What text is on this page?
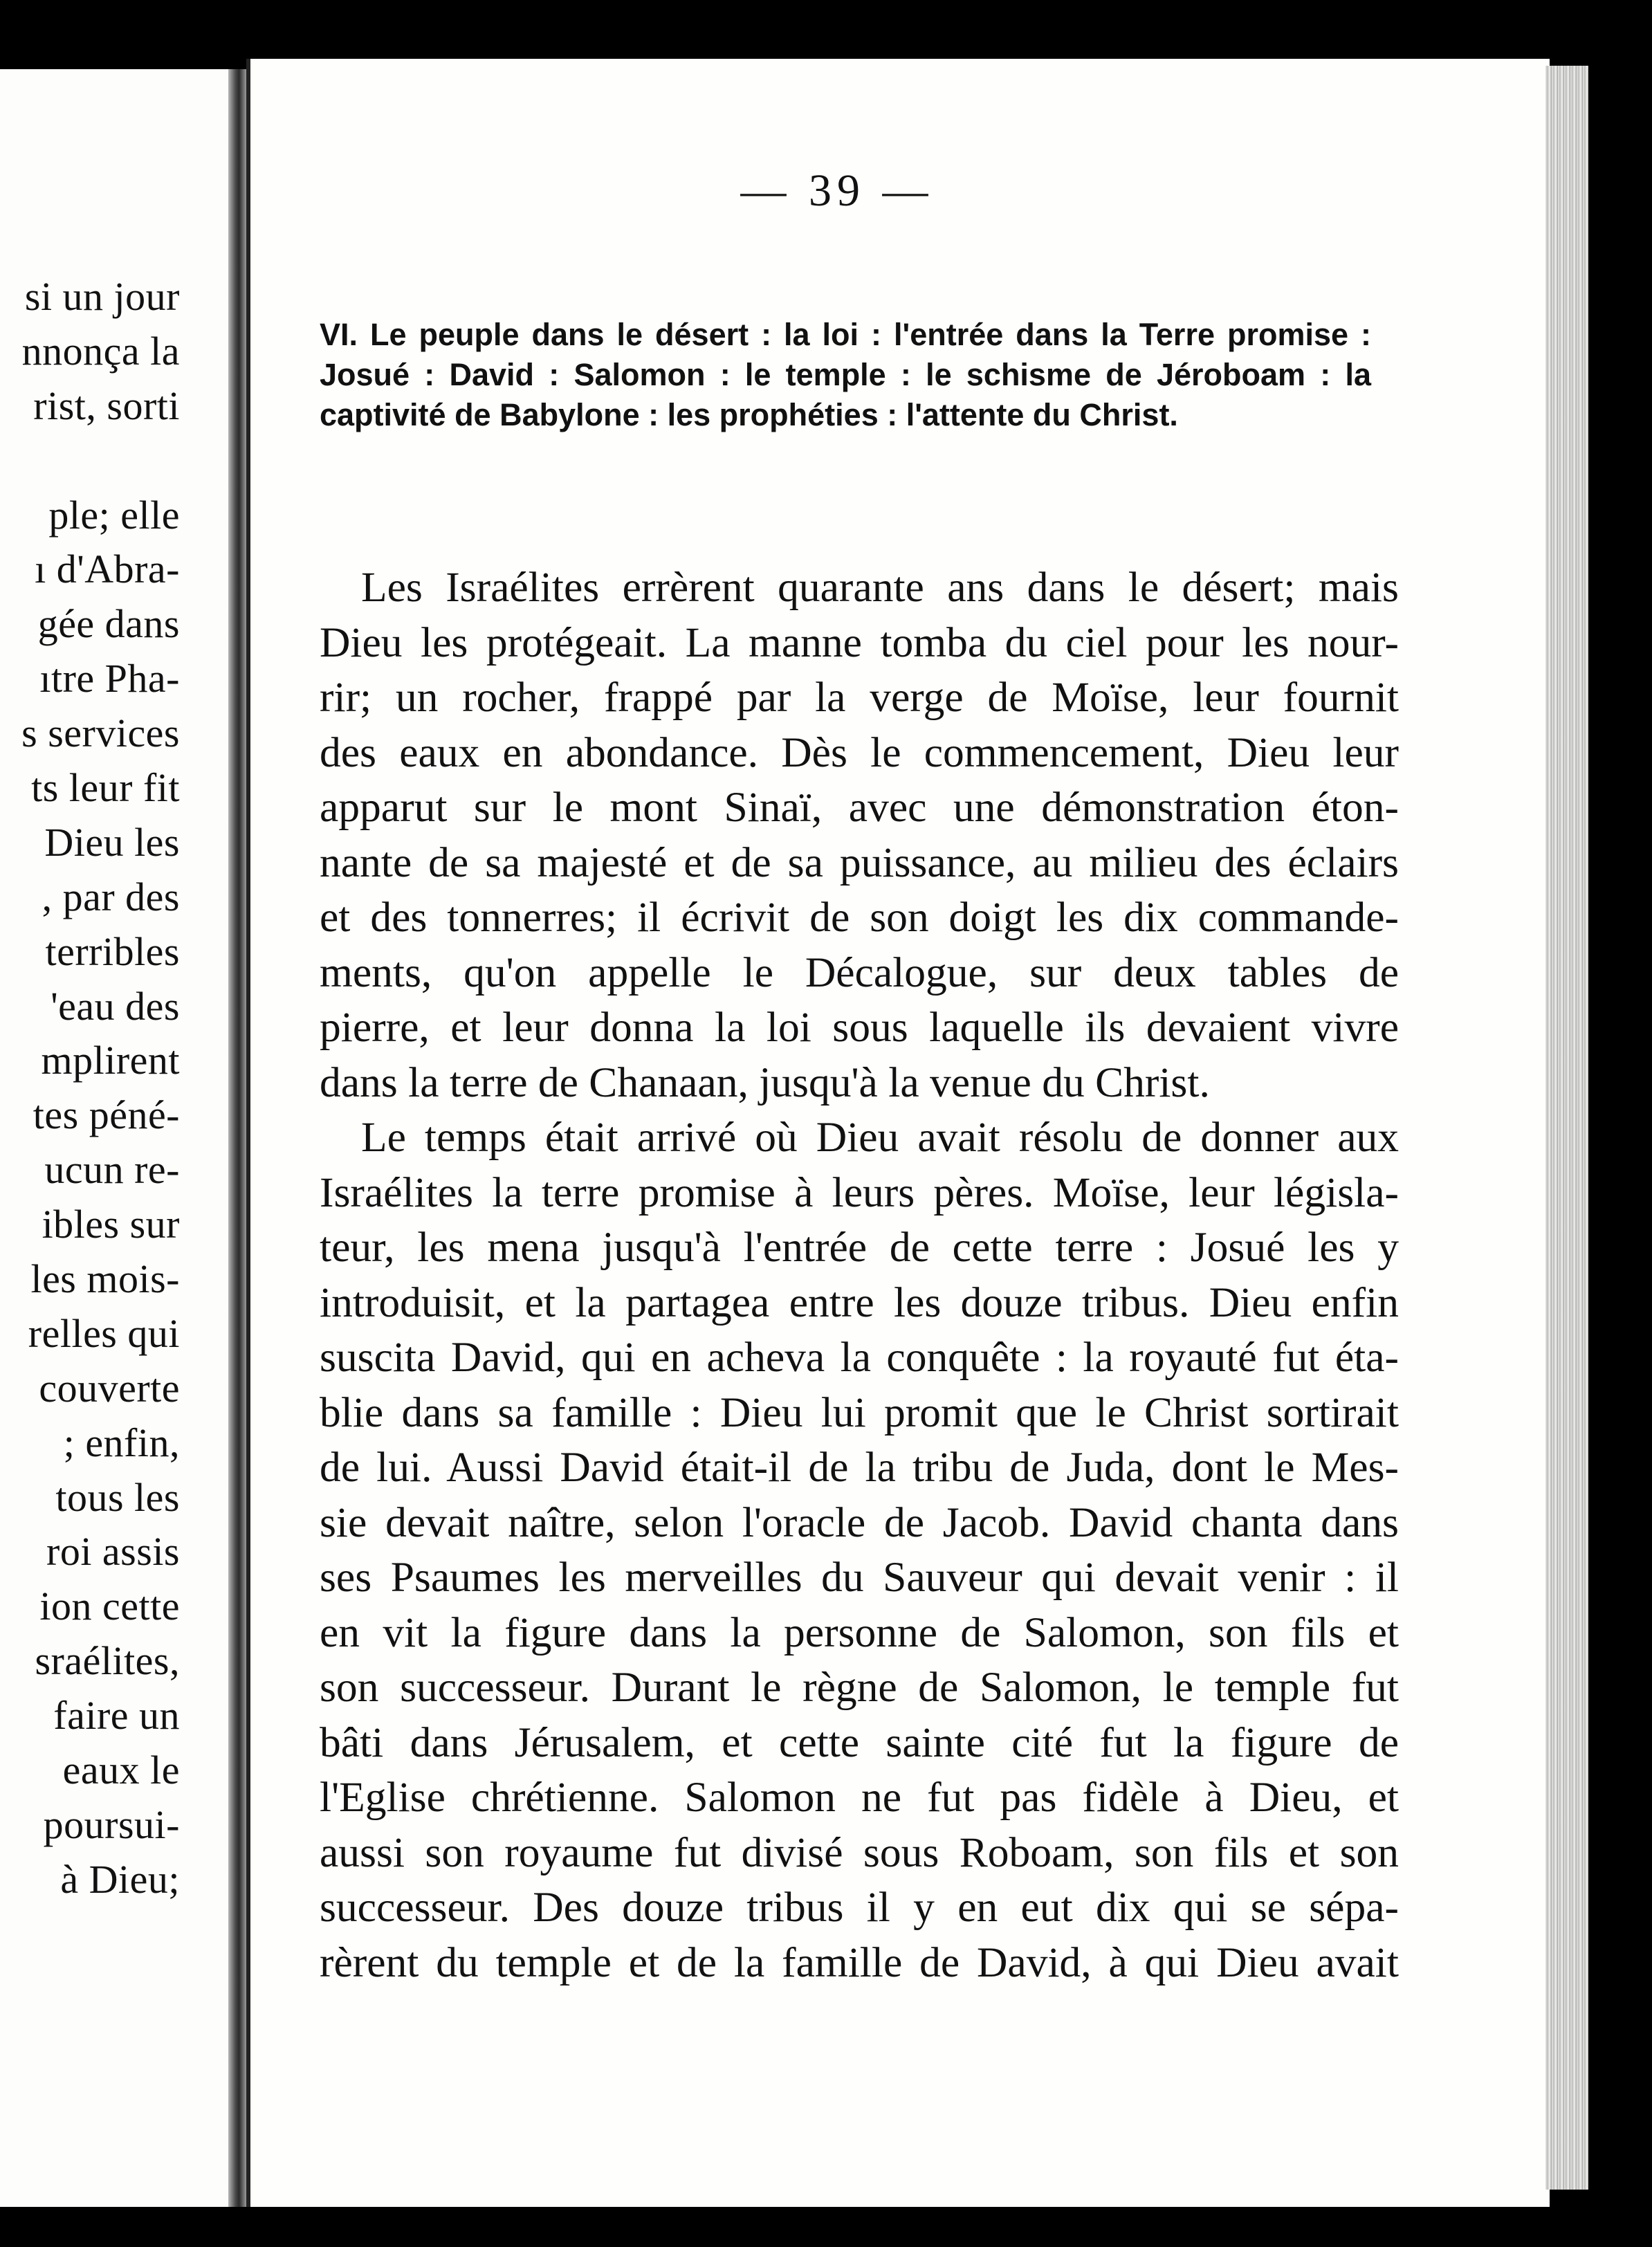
si un jour
nnonça la
rist, sorti
ple; elle
ı d'Abra-
gée dans
ıtre Pha-
s services
ts leur fit
Dieu les
, par des
terribles
'eau des
mplirent
tes péné-
ucun re-
ibles sur
les mois-
relles qui
couverte
; enfin,
tous les
roi assis
ion cette
sraélites,
faire un
eaux le
poursui-
à Dieu;
— 39 —

VI. Le peuple dans le désert : la loi : l'entrée dans la Terre promise : Josué : David : Salomon : le temple : le schisme de Jéroboam : la captivité de Babylone : les prophéties : l'attente du Christ.

Les Israélites errèrent quarante ans dans le désert; mais
Dieu les protégeait. La manne tomba du ciel pour les nour-
rir; un rocher, frappé par la verge de Moïse, leur fournit
des eaux en abondance. Dès le commencement, Dieu leur
apparut sur le mont Sinaï, avec une démonstration éton-
nante de sa majesté et de sa puissance, au milieu des éclairs
et des tonnerres; il écrivit de son doigt les dix commande-
ments, qu'on appelle le Décalogue, sur deux tables de
pierre, et leur donna la loi sous laquelle ils devaient vivre
dans la terre de Chanaan, jusqu'à la venue du Christ.
Le temps était arrivé où Dieu avait résolu de donner aux
Israélites la terre promise à leurs pères. Moïse, leur législa-
teur, les mena jusqu'à l'entrée de cette terre : Josué les y
introduisit, et la partagea entre les douze tribus. Dieu enfin
suscita David, qui en acheva la conquête : la royauté fut éta-
blie dans sa famille : Dieu lui promit que le Christ sortirait
de lui. Aussi David était-il de la tribu de Juda, dont le Mes-
sie devait naître, selon l'oracle de Jacob. David chanta dans
ses Psaumes les merveilles du Sauveur qui devait venir : il
en vit la figure dans la personne de Salomon, son fils et
son successeur. Durant le règne de Salomon, le temple fut
bâti dans Jérusalem, et cette sainte cité fut la figure de
l'Eglise chrétienne. Salomon ne fut pas fidèle à Dieu, et
aussi son royaume fut divisé sous Roboam, son fils et son
successeur. Des douze tribus il y en eut dix qui se sépa-
rèrent du temple et de la famille de David, à qui Dieu avait
